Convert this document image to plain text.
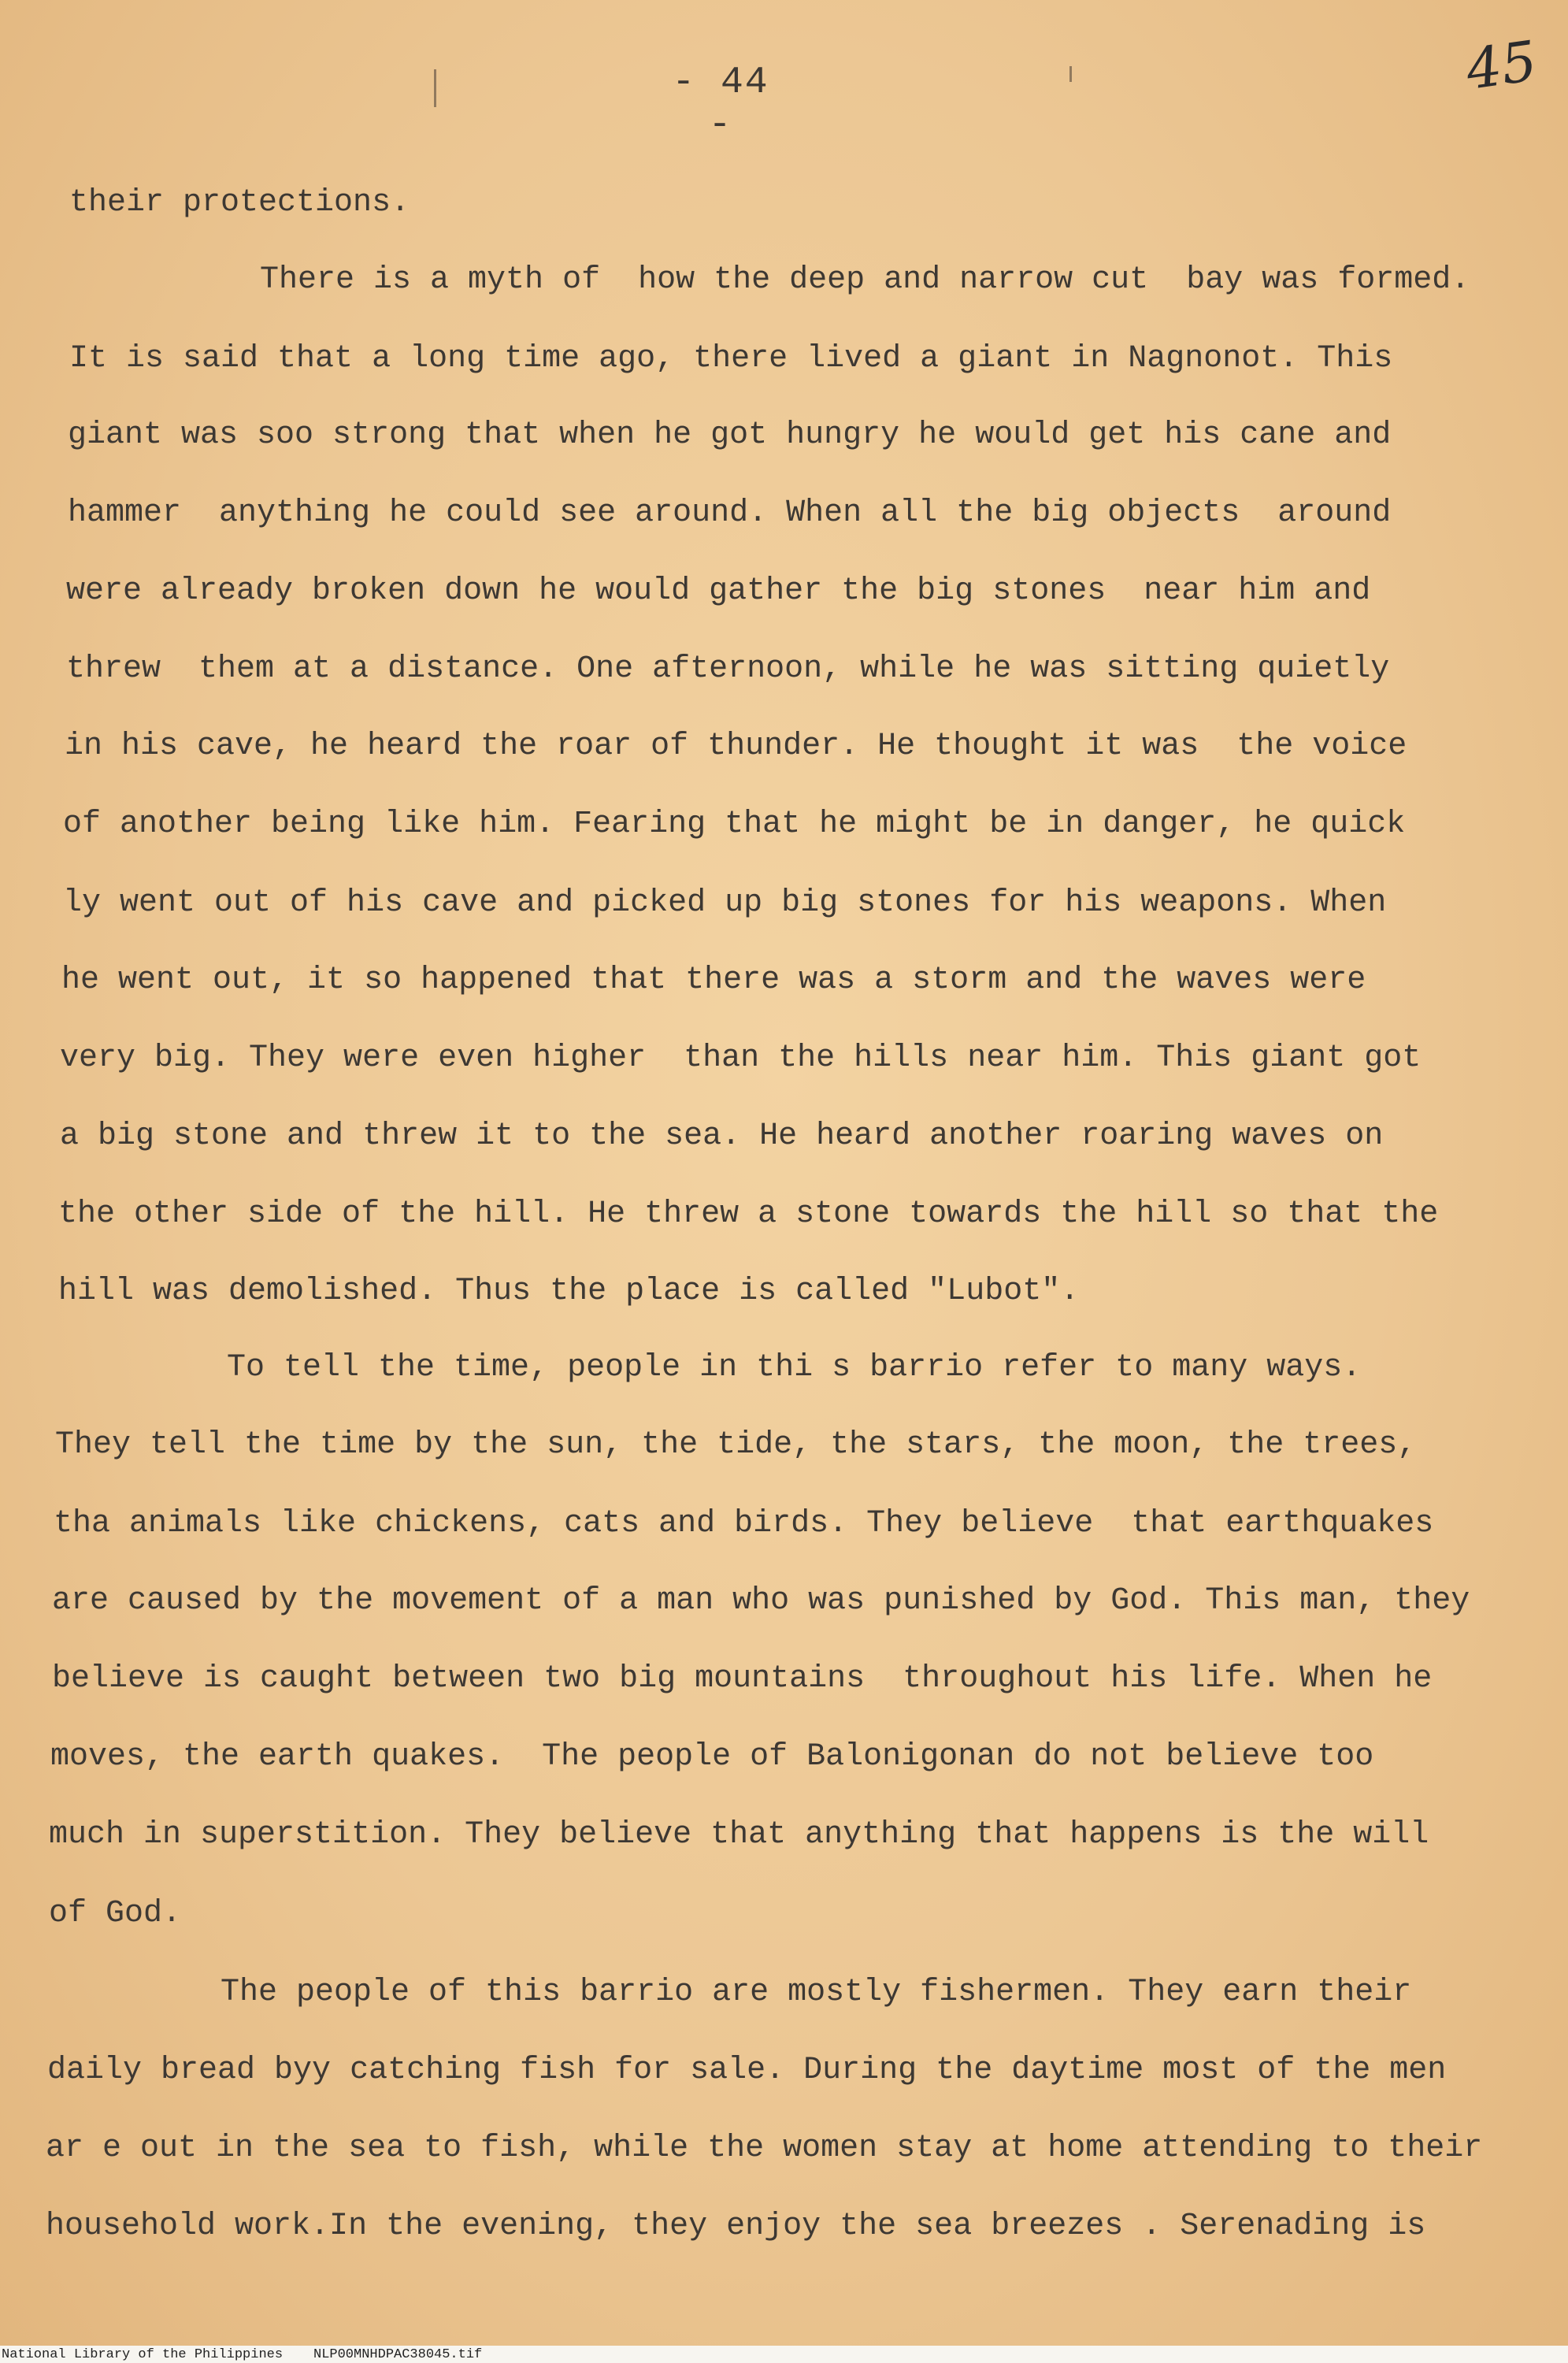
- 44 -
45
their protections.
There is a myth of  how the deep and narrow cut  bay was formed.
It is said that a long time ago, there lived a giant in Nagnonot. This
giant was soo strong that when he got hungry he would get his cane and
hammer  anything he could see around. When all the big objects  around
were already broken down he would gather the big stones  near him and
threw  them at a distance. One afternoon, while he was sitting quietly
in his cave, he heard the roar of thunder. He thought it was  the voice
of another being like him. Fearing that he might be in danger, he quick
ly went out of his cave and picked up big stones for his weapons. When
he went out, it so happened that there was a storm and the waves were
very big. They were even higher  than the hills near him. This giant got
a big stone and threw it to the sea. He heard another roaring waves on
the other side of the hill. He threw a stone towards the hill so that the
hill was demolished. Thus the place is called "Lubot".
To tell the time, people in thi s barrio refer to many ways.
They tell the time by the sun, the tide, the stars, the moon, the trees,
tha animals like chickens, cats and birds. They believe  that earthquakes
are caused by the movement of a man who was punished by God. This man, they
believe is caught between two big mountains  throughout his life. When he
moves, the earth quakes.  The people of Balonigonan do not believe too
much in superstition. They believe that anything that happens is the will
of God.
The people of this barrio are mostly fishermen. They earn their
daily bread byy catching fish for sale. During the daytime most of the men
ar e out in the sea to fish, while the women stay at home attending to their
household work.In the evening, they enjoy the sea breezes . Serenading is

National Library of the Philippines

NLP00MNHDPAC38045.tif
